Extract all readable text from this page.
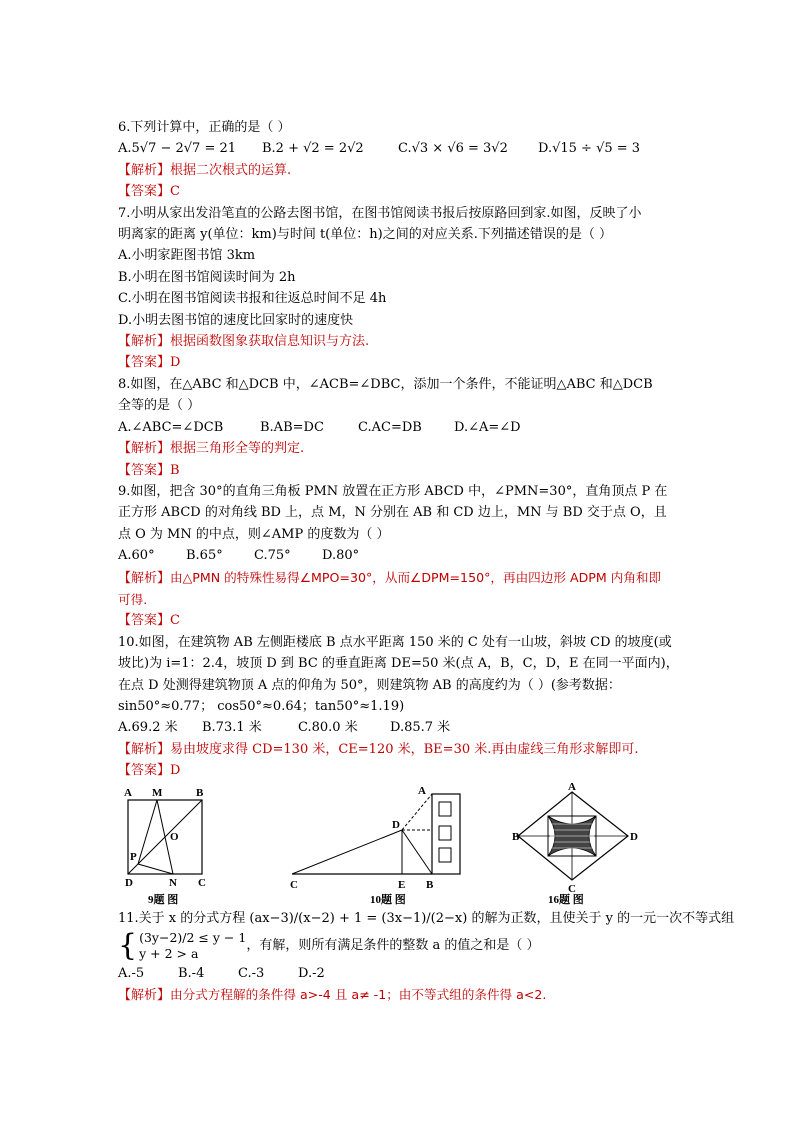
6.下列计算中，正确的是（ ）
A.5√7 − 2√7 = 21 B.2 + √2 = 2√2	C.√3 × √6 = 3√2 D.√15 ÷ √5 = 3
【解析】根据二次根式的运算.
【答案】C
7.小明从家出发沿笔直的公路去图书馆，在图书馆阅读书报后按原路回到家.如图，反映了小
明离家的距离 y(单位：km)与时间 t(单位：h)之间的对应关系.下列描述错误的是（ ）
A.小明家距图书馆 3km
B.小明在图书馆阅读时间为 2h
C.小明在图书馆阅读书报和往返总时间不足 4h
D.小明去图书馆的速度比回家时的速度快
【解析】根据函数图象获取信息知识与方法.
【答案】D
8.如图，在△ABC 和△DCB 中，∠ACB=∠DBC，添加一个条件，不能证明△ABC 和△DCB
全等的是（ ）
A.∠ABC=∠DCB	B.AB=DC	C.AC=DB D.∠A=∠D
【解析】根据三角形全等的判定.
【答案】B
9.如图，把含 30°的直角三角板 PMN 放置在正方形 ABCD 中，∠PMN=30°，直角顶点 P 在
正方形 ABCD 的对角线 BD 上，点 M，N 分别在 AB 和 CD 边上，MN 与 BD 交于点 O，且
点 O 为 MN 的中点，则∠AMP 的度数为（ ）
A.60° B.65° C.75° D.80°
【解析】由△PMN 的特殊性易得∠MPO=30°，从而∠DPM=150°，再由四边形 ADPM 内角和即
可得.
【答案】C
10.如图，在建筑物 AB 左侧距楼底 B 点水平距离 150 米的 C 处有一山坡，斜坡 CD 的坡度(或
坡比)为 i=1：2.4，坡顶 D 到 BC 的垂直距离 DE=50 米(点 A，B，C，D，E 在同一平面内)，
在点 D 处测得建筑物顶 A 点的仰角为 50°，则建筑物 AB 的高度约为（ ）(参考数据：
sin50°≈0.77； cos50°≈0.64；tan50°≈1.19)
A.69.2 米 B.73.1 米	C.80.0 米 D.85.7 米
【解析】易由坡度求得 CD=130 米，CE=120 米，BE=30 米.再由虚线三角形求解即可.
【答案】D
A M	B
O
P
D	N C
9题 图
A
D
C	E B
10题 图
A
B	D
C
16题 图
11.关于 x 的分式方程 (ax−3)/(x−2) + 1 = (3x−1)/(2−x) 的解为正数，且使关于 y 的一元一次不等式组
{ (3y−2)/2 ≤ y − 1
y + 2 > a	，有解，则所有满足条件的整数 a 的值之和是（ ）
A.-5	B.-4	C.-3	D.-2
【解析】由分式方程解的条件得 a>-4 且 a≠ -1；由不等式组的条件得 a<2.
